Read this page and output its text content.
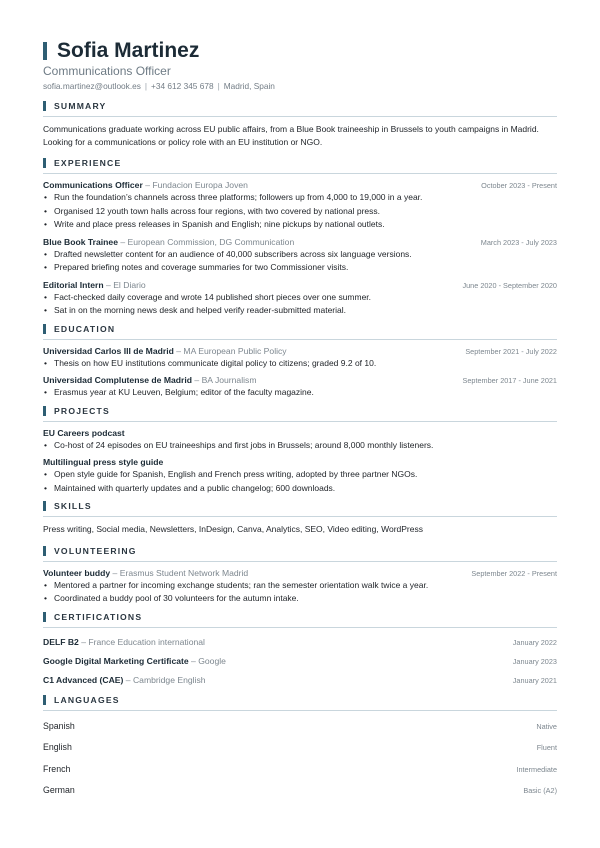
Sofia Martinez
Communications Officer
sofia.martinez@outlook.es | +34 612 345 678 | Madrid, Spain
SUMMARY
Communications graduate working across EU public affairs, from a Blue Book traineeship in Brussels to youth campaigns in Madrid. Looking for a communications or policy role with an EU institution or NGO.
EXPERIENCE
Communications Officer – Fundacion Europa Joven	October 2023 - Present
• Run the foundation’s channels across three platforms; followers up from 4,000 to 19,000 in a year.
• Organised 12 youth town halls across four regions, with two covered by national press.
• Write and place press releases in Spanish and English; nine pickups by national outlets.
Blue Book Trainee – European Commission, DG Communication	March 2023 - July 2023
• Drafted newsletter content for an audience of 40,000 subscribers across six language versions.
• Prepared briefing notes and coverage summaries for two Commissioner visits.
Editorial Intern – El Diario	June 2020 - September 2020
• Fact-checked daily coverage and wrote 14 published short pieces over one summer.
• Sat in on the morning news desk and helped verify reader-submitted material.
EDUCATION
Universidad Carlos III de Madrid – MA European Public Policy	September 2021 - July 2022
• Thesis on how EU institutions communicate digital policy to citizens; graded 9.2 of 10.
Universidad Complutense de Madrid – BA Journalism	September 2017 - June 2021
• Erasmus year at KU Leuven, Belgium; editor of the faculty magazine.
PROJECTS
EU Careers podcast
• Co-host of 24 episodes on EU traineeships and first jobs in Brussels; around 8,000 monthly listeners.
Multilingual press style guide
• Open style guide for Spanish, English and French press writing, adopted by three partner NGOs.
• Maintained with quarterly updates and a public changelog; 600 downloads.
SKILLS
Press writing, Social media, Newsletters, InDesign, Canva, Analytics, SEO, Video editing, WordPress
VOLUNTEERING
Volunteer buddy – Erasmus Student Network Madrid	September 2022 - Present
• Mentored a partner for incoming exchange students; ran the semester orientation walk twice a year.
• Coordinated a buddy pool of 30 volunteers for the autumn intake.
CERTIFICATIONS
DELF B2 – France Education international	January 2022
Google Digital Marketing Certificate – Google	January 2023
C1 Advanced (CAE) – Cambridge English	January 2021
LANGUAGES
Spanish	Native
English	Fluent
French	Intermediate
German	Basic (A2)
